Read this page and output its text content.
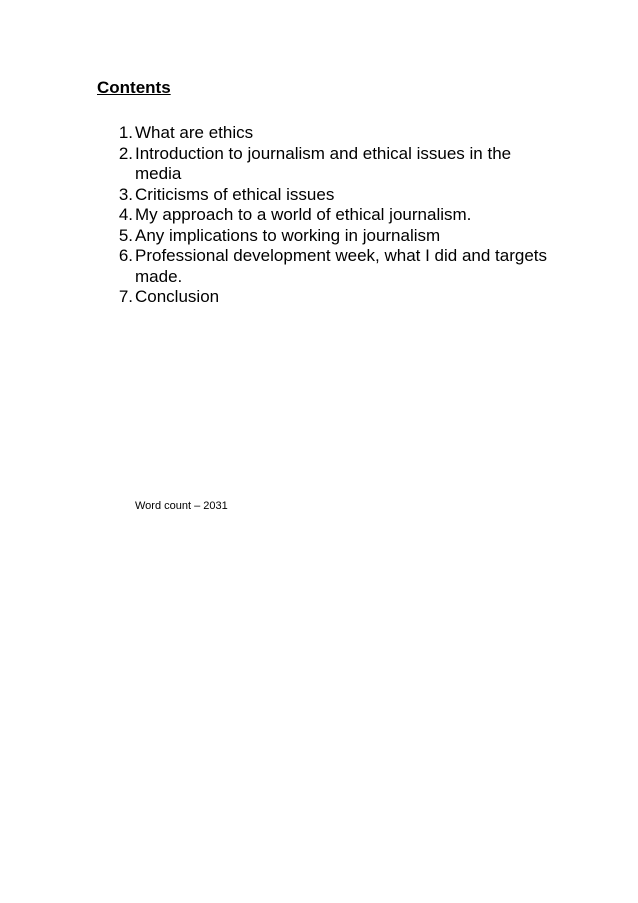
Contents
1. What are ethics
2. Introduction to journalism and ethical issues in the media
3. Criticisms of ethical issues
4. My approach to a world of ethical journalism.
5. Any implications to working in journalism
6. Professional development week, what I did and targets made.
7. Conclusion

Word count – 2031
